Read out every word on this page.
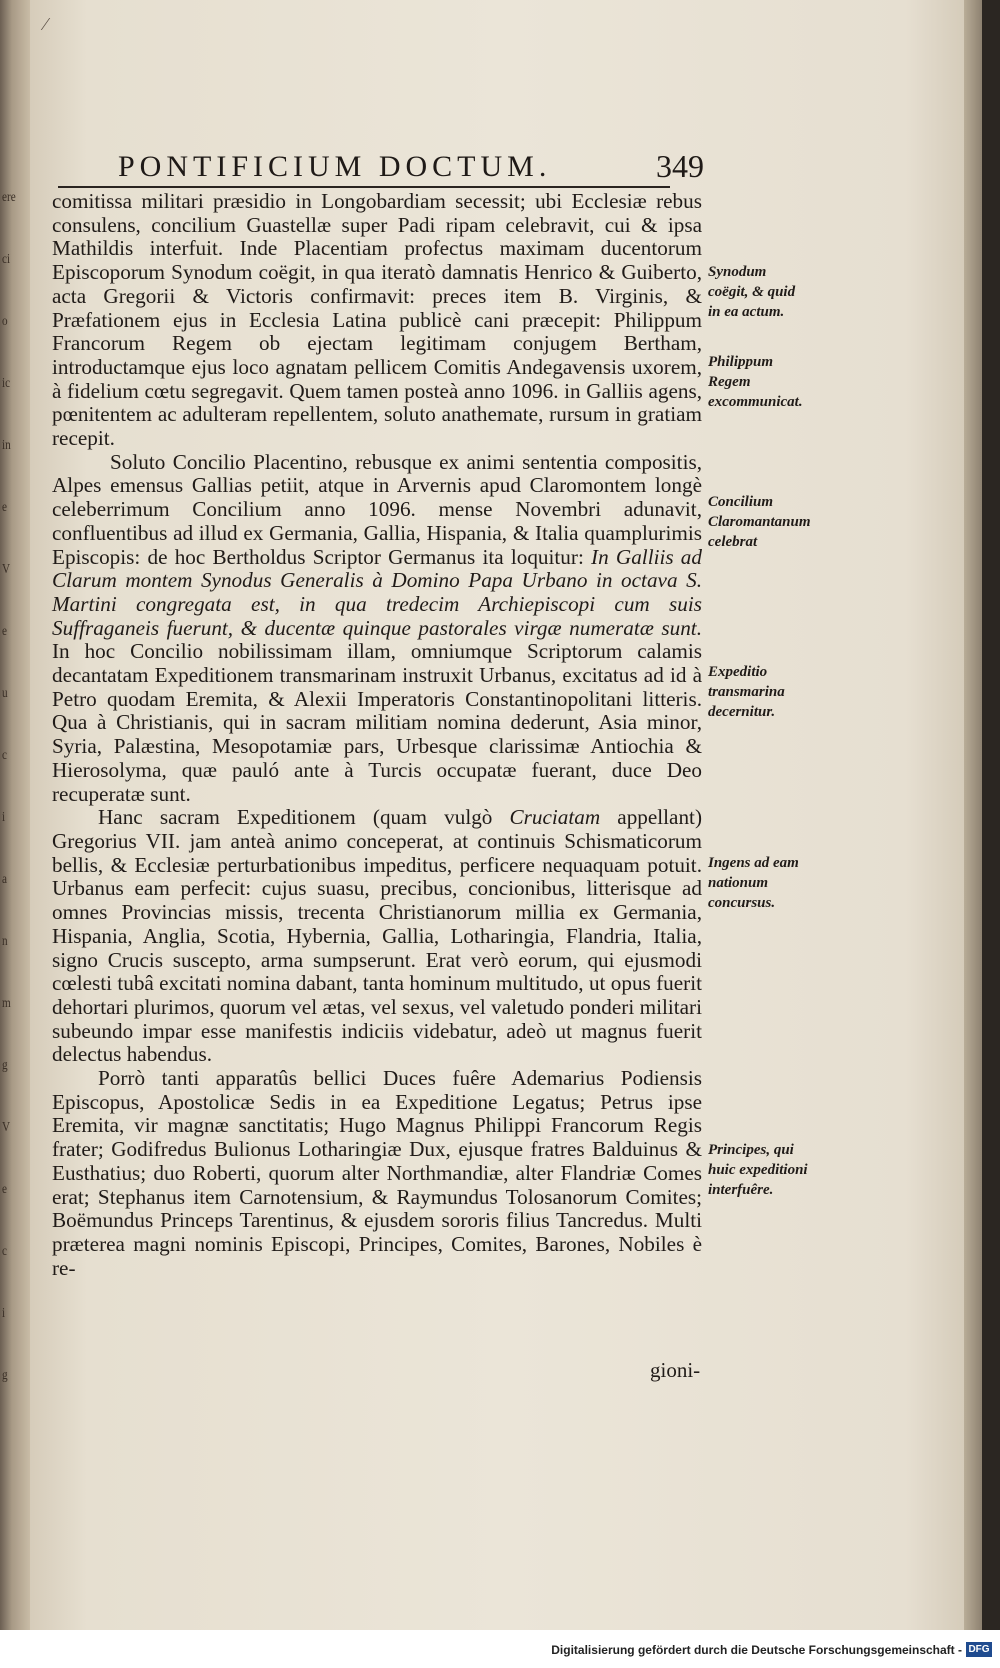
ere
ci
o
ic
in
e
V
e
u
c
i
a
n
m
g
V
e
c
i
g
⁄
PONTIFICIUM DOCTUM.	349

comitissa militari præsidio in Longobardiam secessit; ubi Ecclesiæ rebus consulens, concilium Guastellæ super Padi ripam celebravit, cui & ipsa Mathildis interfuit. Inde Placentiam profectus maximam ducentorum Episcoporum Synodum coëgit, in qua iteratò damnatis Henrico & Guiberto, acta Gregorii & Victoris confirmavit: preces item B. Virginis, & Præfationem ejus in Ecclesia Latina publicè cani præcepit: Philippum Francorum Regem ob ejectam legitimam conjugem Bertham, introductamque ejus loco agnatam pellicem Comitis Andegavensis uxorem, à fidelium cœtu segregavit. Quem tamen posteà anno 1096. in Galliis agens, pœnitentem ac adulteram repellentem, soluto anathemate, rursum in gratiam recepit.

Soluto Concilio Placentino, rebusque ex animi sententia compositis, Alpes emensus Gallias petiit, atque in Arvernis apud Claromontem longè celeberrimum Concilium anno 1096. mense Novembri adunavit, confluentibus ad illud ex Germania, Gallia, Hispania, & Italia quamplurimis Episcopis: de hoc Bertholdus Scriptor Germanus ita loquitur: In Galliis ad Clarum montem Synodus Generalis à Domino Papa Urbano in octava S. Martini congregata est, in qua tredecim Archiepiscopi cum suis Suffraganeis fuerunt, & ducentæ quinque pastorales virgæ numeratæ sunt. In hoc Concilio nobilissimam illam, omniumque Scriptorum calamis decantatam Expeditionem transmarinam instruxit Urbanus, excitatus ad id à Petro quodam Eremita, & Alexii Imperatoris Constantinopolitani litteris. Qua à Christianis, qui in sacram militiam nomina dederunt, Asia minor, Syria, Palæstina, Mesopotamiæ pars, Urbesque clarissimæ Antiochia & Hierosolyma, quæ pauló ante à Turcis occupatæ fuerant, duce Deo recuperatæ sunt.

Hanc sacram Expeditionem (quam vulgò Cruciatam appellant) Gregorius VII. jam anteà animo conceperat, at continuis Schismaticorum bellis, & Ecclesiæ perturbationibus impeditus, perficere nequaquam potuit. Urbanus eam perfecit: cujus suasu, precibus, concionibus, litterisque ad omnes Provincias missis, trecenta Christianorum millia ex Germania, Hispania, Anglia, Scotia, Hybernia, Gallia, Lotharingia, Flandria, Italia, signo Crucis suscepto, arma sumpserunt. Erat verò eorum, qui ejusmodi cœlesti tubâ excitati nomina dabant, tanta hominum multitudo, ut opus fuerit dehortari plurimos, quorum vel ætas, vel sexus, vel valetudo ponderi militari subeundo impar esse manifestis indiciis videbatur, adeò ut magnus fuerit delectus habendus.

Porrò tanti apparatûs bellici Duces fuêre Ademarius Podiensis Episcopus, Apostolicæ Sedis in ea Expeditione Legatus; Petrus ipse Eremita, vir magnæ sanctitatis; Hugo Magnus Philippi Francorum Regis frater; Godifredus Bulionus Lotharingiæ Dux, ejusque fratres Balduinus & Eusthatius; duo Roberti, quorum alter Northmandiæ, alter Flandriæ Comes erat; Stephanus item Carnotensium, & Raymundus Tolosanorum Comites; Boëmundus Princeps Tarentinus, & ejusdem sororis filius Tancredus. Multi præterea magni nominis Episcopi, Principes, Comites, Barones, Nobiles è re-

Synodum coëgit, & quid in ea actum.
Philippum Regem excommunicat.
Concilium Claromantanum celebrat
Expeditio transmarina decernitur.
Ingens ad eam nationum concursus.
Principes, qui huic expeditioni interfuêre.
gioni-
Digitalisierung gefördert durch die Deutsche Forschungsgemeinschaft - DFG
